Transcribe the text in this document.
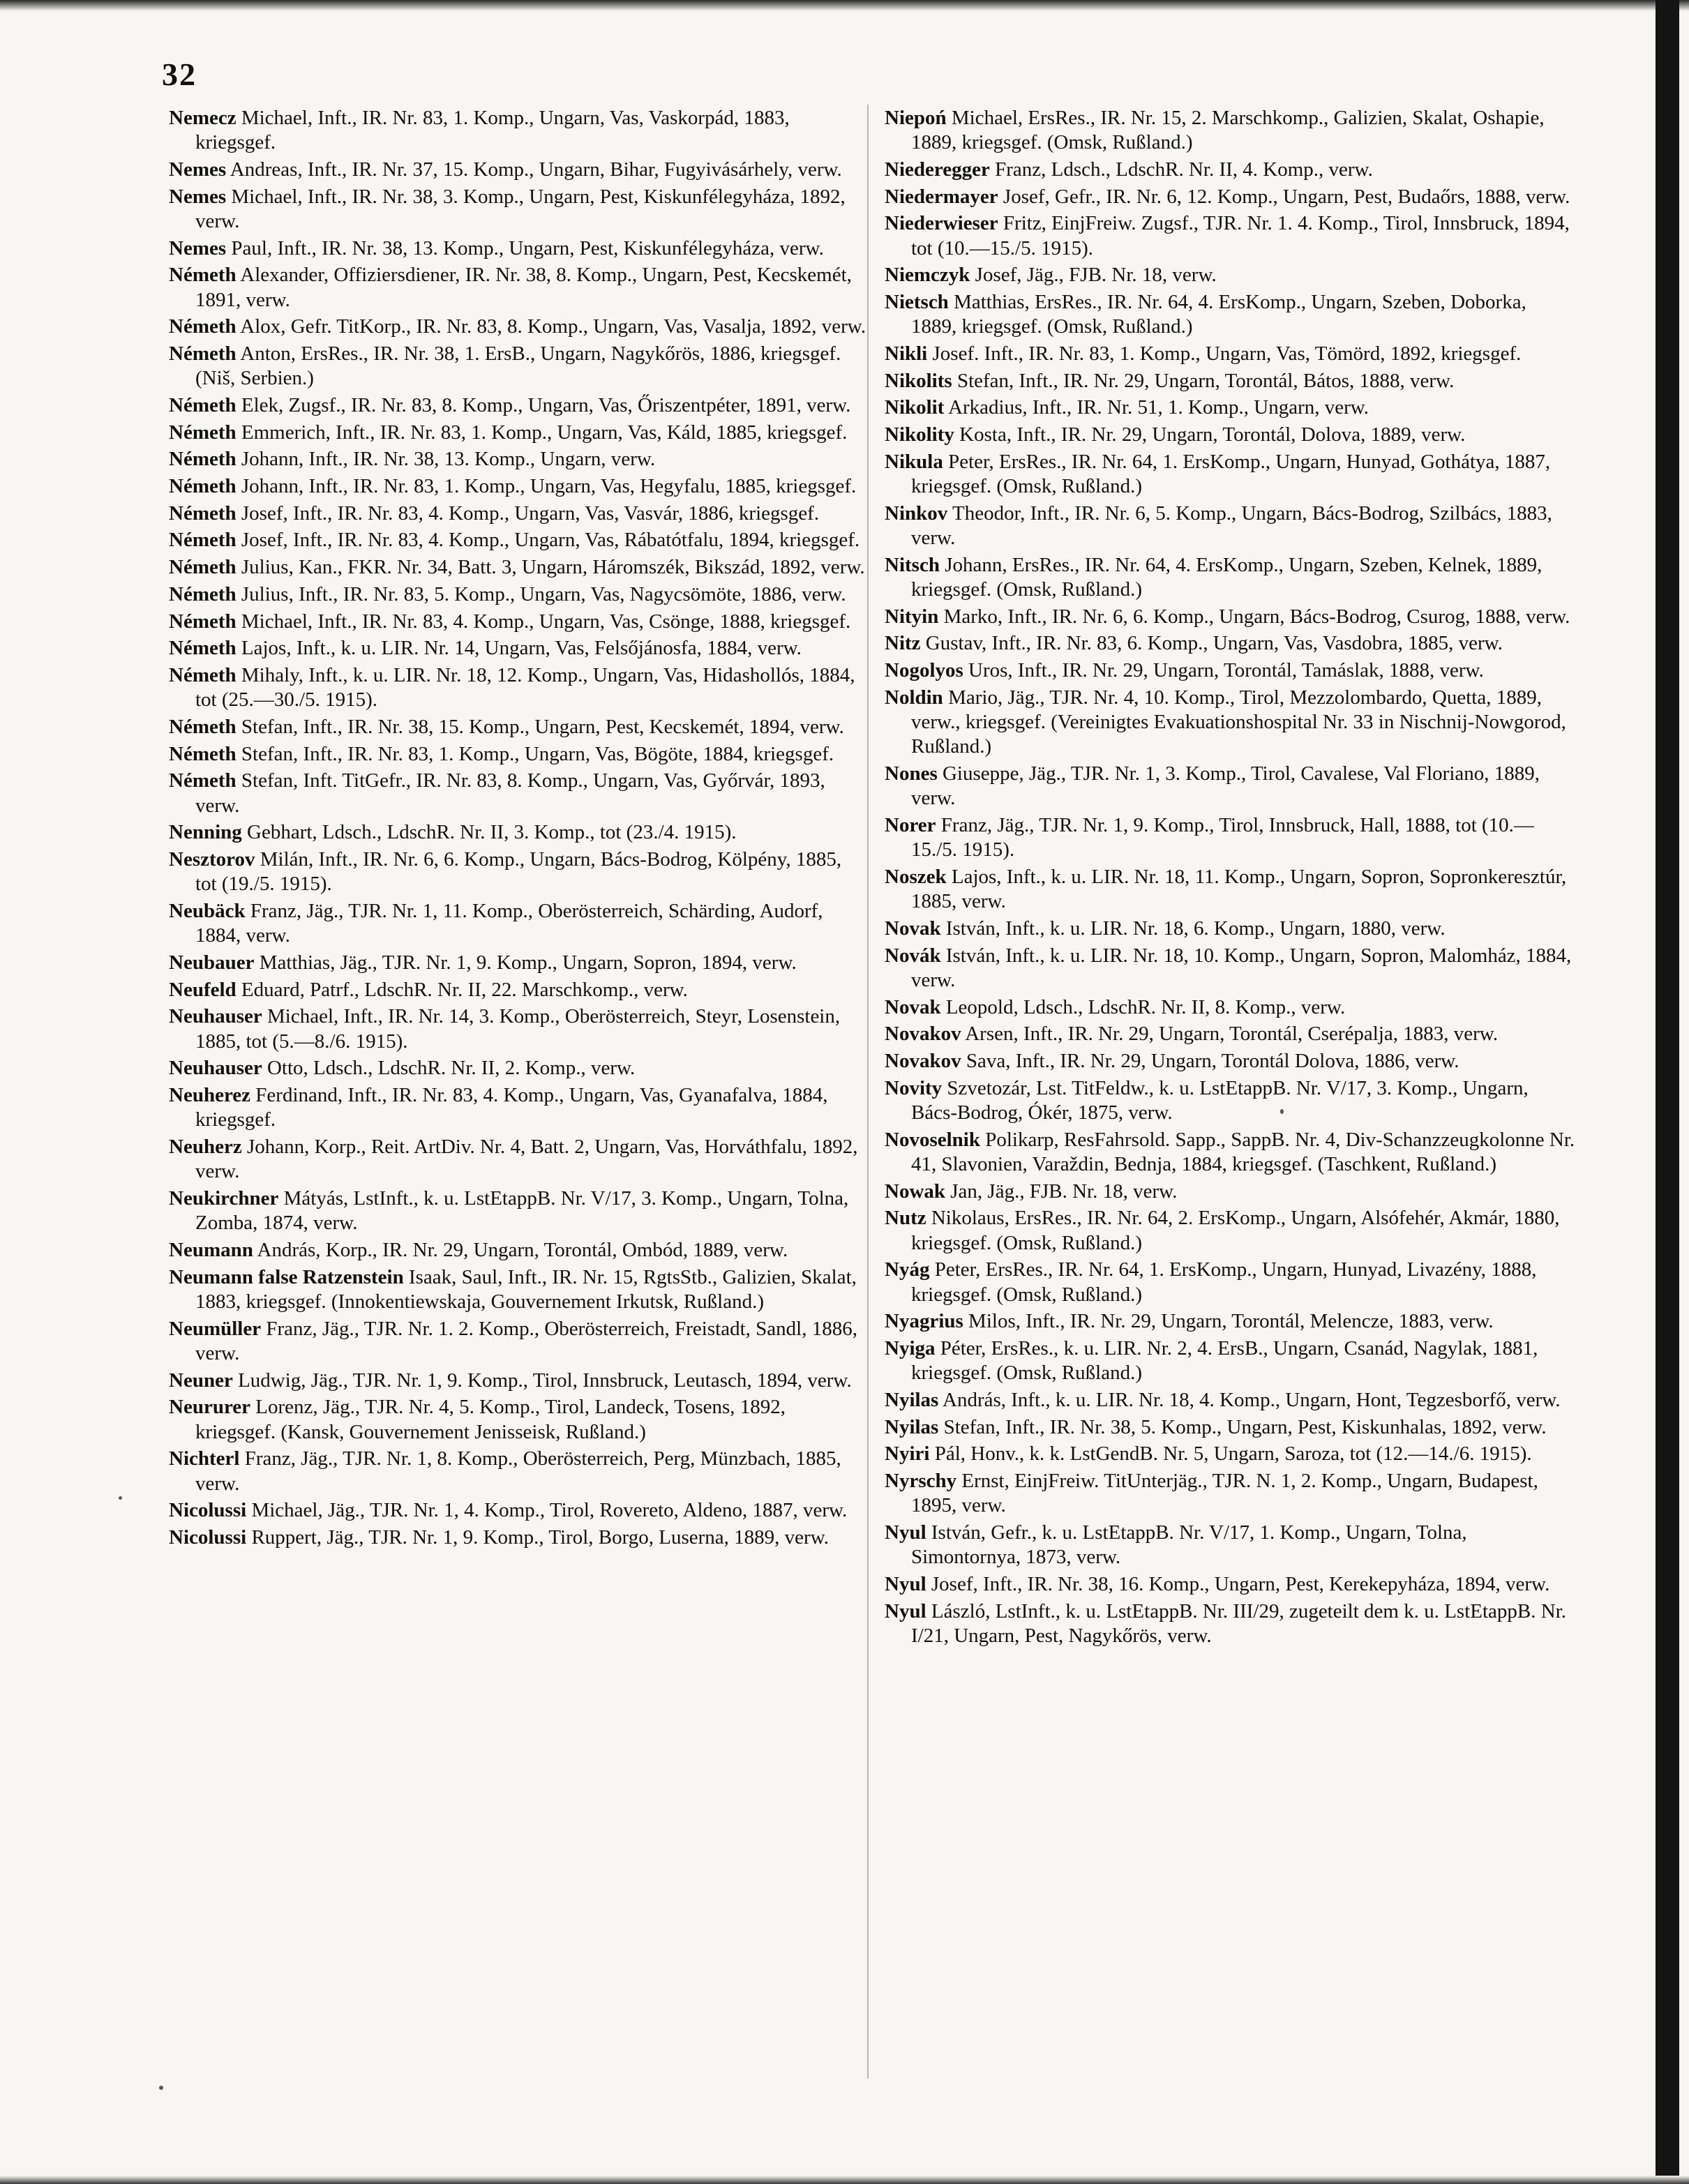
32

Nemecz Michael, Inft., IR. Nr. 83, 1. Komp., Ungarn, Vas, Vaskorpád, 1883, kriegsgef.

Nemes Andreas, Inft., IR. Nr. 37, 15. Komp., Ungarn, Bihar, Fugyivásárhely, verw.

Nemes Michael, Inft., IR. Nr. 38, 3. Komp., Ungarn, Pest, Kiskunfélegyháza, 1892, verw.

Nemes Paul, Inft., IR. Nr. 38, 13. Komp., Ungarn, Pest, Kiskunfélegyháza, verw.

Németh Alexander, Offiziersdiener, IR. Nr. 38, 8. Komp., Ungarn, Pest, Kecskemét, 1891, verw.

Németh Alox, Gefr. TitKorp., IR. Nr. 83, 8. Komp., Ungarn, Vas, Vasalja, 1892, verw.

Németh Anton, ErsRes., IR. Nr. 38, 1. ErsB., Ungarn, Nagykőrös, 1886, kriegsgef. (Niš, Serbien.)

Németh Elek, Zugsf., IR. Nr. 83, 8. Komp., Ungarn, Vas, Őriszentpéter, 1891, verw.

Németh Emmerich, Inft., IR. Nr. 83, 1. Komp., Ungarn, Vas, Káld, 1885, kriegsgef.

Németh Johann, Inft., IR. Nr. 38, 13. Komp., Ungarn, verw.

Németh Johann, Inft., IR. Nr. 83, 1. Komp., Ungarn, Vas, Hegyfalu, 1885, kriegsgef.

Németh Josef, Inft., IR. Nr. 83, 4. Komp., Ungarn, Vas, Vasvár, 1886, kriegsgef.

Németh Josef, Inft., IR. Nr. 83, 4. Komp., Ungarn, Vas, Rábatótfalu, 1894, kriegsgef.

Németh Julius, Kan., FKR. Nr. 34, Batt. 3, Ungarn, Háromszék, Bikszád, 1892, verw.

Németh Julius, Inft., IR. Nr. 83, 5. Komp., Ungarn, Vas, Nagycsömöte, 1886, verw.

Németh Michael, Inft., IR. Nr. 83, 4. Komp., Ungarn, Vas, Csönge, 1888, kriegsgef.

Németh Lajos, Inft., k. u. LIR. Nr. 14, Ungarn, Vas, Felsőjánosfa, 1884, verw.

Németh Mihaly, Inft., k. u. LIR. Nr. 18, 12. Komp., Ungarn, Vas, Hidashollós, 1884, tot (25.—30./5. 1915).

Németh Stefan, Inft., IR. Nr. 38, 15. Komp., Ungarn, Pest, Kecskemét, 1894, verw.

Németh Stefan, Inft., IR. Nr. 83, 1. Komp., Ungarn, Vas, Bögöte, 1884, kriegsgef.

Németh Stefan, Inft. TitGefr., IR. Nr. 83, 8. Komp., Ungarn, Vas, Győrvár, 1893, verw.

Nenning Gebhart, Ldsch., LdschR. Nr. II, 3. Komp., tot (23./4. 1915).

Nesztorov Milán, Inft., IR. Nr. 6, 6. Komp., Ungarn, Bács-Bodrog, Kölpény, 1885, tot (19./5. 1915).

Neubäck Franz, Jäg., TJR. Nr. 1, 11. Komp., Oberösterreich, Schärding, Audorf, 1884, verw.

Neubauer Matthias, Jäg., TJR. Nr. 1, 9. Komp., Ungarn, Sopron, 1894, verw.

Neufeld Eduard, Patrf., LdschR. Nr. II, 22. Marschkomp., verw.

Neuhauser Michael, Inft., IR. Nr. 14, 3. Komp., Oberösterreich, Steyr, Losenstein, 1885, tot (5.—8./6. 1915).

Neuhauser Otto, Ldsch., LdschR. Nr. II, 2. Komp., verw.

Neuherez Ferdinand, Inft., IR. Nr. 83, 4. Komp., Ungarn, Vas, Gyanafalva, 1884, kriegsgef.

Neuherz Johann, Korp., Reit. ArtDiv. Nr. 4, Batt. 2, Ungarn, Vas, Horváthfalu, 1892, verw.

Neukirchner Mátyás, LstInft., k. u. LstEtappB. Nr. V/17, 3. Komp., Ungarn, Tolna, Zomba, 1874, verw.

Neumann András, Korp., IR. Nr. 29, Ungarn, Torontál, Ombód, 1889, verw.

Neumann false Ratzenstein Isaak, Saul, Inft., IR. Nr. 15, RgtsStb., Galizien, Skalat, 1883, kriegsgef. (Innokentiewskaja, Gouvernement Irkutsk, Rußland.)

Neumüller Franz, Jäg., TJR. Nr. 1. 2. Komp., Oberösterreich, Freistadt, Sandl, 1886, verw.

Neuner Ludwig, Jäg., TJR. Nr. 1, 9. Komp., Tirol, Innsbruck, Leutasch, 1894, verw.

Neururer Lorenz, Jäg., TJR. Nr. 4, 5. Komp., Tirol, Landeck, Tosens, 1892, kriegsgef. (Kansk, Gouvernement Jenisseisk, Rußland.)

Nichterl Franz, Jäg., TJR. Nr. 1, 8. Komp., Oberösterreich, Perg, Münzbach, 1885, verw.

Nicolussi Michael, Jäg., TJR. Nr. 1, 4. Komp., Tirol, Rovereto, Aldeno, 1887, verw.

Nicolussi Ruppert, Jäg., TJR. Nr. 1, 9. Komp., Tirol, Borgo, Luserna, 1889, verw.

Niepoń Michael, ErsRes., IR. Nr. 15, 2. Marschkomp., Galizien, Skalat, Oshapie, 1889, kriegsgef. (Omsk, Rußland.)

Niederegger Franz, Ldsch., LdschR. Nr. II, 4. Komp., verw.

Niedermayer Josef, Gefr., IR. Nr. 6, 12. Komp., Ungarn, Pest, Budaőrs, 1888, verw.

Niederwieser Fritz, EinjFreiw. Zugsf., TJR. Nr. 1. 4. Komp., Tirol, Innsbruck, 1894, tot (10.—15./5. 1915).

Niemczyk Josef, Jäg., FJB. Nr. 18, verw.

Nietsch Matthias, ErsRes., IR. Nr. 64, 4. ErsKomp., Ungarn, Szeben, Doborka, 1889, kriegsgef. (Omsk, Rußland.)

Nikli Josef. Inft., IR. Nr. 83, 1. Komp., Ungarn, Vas, Tömörd, 1892, kriegsgef.

Nikolits Stefan, Inft., IR. Nr. 29, Ungarn, Torontál, Bátos, 1888, verw.

Nikolit Arkadius, Inft., IR. Nr. 51, 1. Komp., Ungarn, verw.

Nikolity Kosta, Inft., IR. Nr. 29, Ungarn, Torontál, Dolova, 1889, verw.

Nikula Peter, ErsRes., IR. Nr. 64, 1. ErsKomp., Ungarn, Hunyad, Gothátya, 1887, kriegsgef. (Omsk, Rußland.)

Ninkov Theodor, Inft., IR. Nr. 6, 5. Komp., Ungarn, Bács-Bodrog, Szilbács, 1883, verw.

Nitsch Johann, ErsRes., IR. Nr. 64, 4. ErsKomp., Ungarn, Szeben, Kelnek, 1889, kriegsgef. (Omsk, Rußland.)

Nityin Marko, Inft., IR. Nr. 6, 6. Komp., Ungarn, Bács-Bodrog, Csurog, 1888, verw.

Nitz Gustav, Inft., IR. Nr. 83, 6. Komp., Ungarn, Vas, Vasdobra, 1885, verw.

Nogolyos Uros, Inft., IR. Nr. 29, Ungarn, Torontál, Tamáslak, 1888, verw.

Noldin Mario, Jäg., TJR. Nr. 4, 10. Komp., Tirol, Mezzolombardo, Quetta, 1889, verw., kriegsgef. (Vereinigtes Evakuationshospital Nr. 33 in Nischnij-Nowgorod, Rußland.)

Nones Giuseppe, Jäg., TJR. Nr. 1, 3. Komp., Tirol, Cavalese, Val Floriano, 1889, verw.

Norer Franz, Jäg., TJR. Nr. 1, 9. Komp., Tirol, Innsbruck, Hall, 1888, tot (10.—15./5. 1915).

Noszek Lajos, Inft., k. u. LIR. Nr. 18, 11. Komp., Ungarn, Sopron, Sopronkeresztúr, 1885, verw.

Novak István, Inft., k. u. LIR. Nr. 18, 6. Komp., Ungarn, 1880, verw.

Novák István, Inft., k. u. LIR. Nr. 18, 10. Komp., Ungarn, Sopron, Malomház, 1884, verw.

Novak Leopold, Ldsch., LdschR. Nr. II, 8. Komp., verw.

Novakov Arsen, Inft., IR. Nr. 29, Ungarn, Torontál, Cserépalja, 1883, verw.

Novakov Sava, Inft., IR. Nr. 29, Ungarn, Torontál Dolova, 1886, verw.

Novity Szvetozár, Lst. TitFeldw., k. u. LstEtappB. Nr. V/17, 3. Komp., Ungarn, Bács-Bodrog, Ókér, 1875, verw.

Novoselnik Polikarp, ResFahrsold. Sapp., SappB. Nr. 4, Div-Schanzzeugkolonne Nr. 41, Slavonien, Varaždin, Bednja, 1884, kriegsgef. (Taschkent, Rußland.)

Nowak Jan, Jäg., FJB. Nr. 18, verw.

Nutz Nikolaus, ErsRes., IR. Nr. 64, 2. ErsKomp., Ungarn, Alsófehér, Akmár, 1880, kriegsgef. (Omsk, Rußland.)

Nyág Peter, ErsRes., IR. Nr. 64, 1. ErsKomp., Ungarn, Hunyad, Livazény, 1888, kriegsgef. (Omsk, Rußland.)

Nyagrius Milos, Inft., IR. Nr. 29, Ungarn, Torontál, Melencze, 1883, verw.

Nyiga Péter, ErsRes., k. u. LIR. Nr. 2, 4. ErsB., Ungarn, Csanád, Nagylak, 1881, kriegsgef. (Omsk, Rußland.)

Nyilas András, Inft., k. u. LIR. Nr. 18, 4. Komp., Ungarn, Hont, Tegzesborfő, verw.

Nyilas Stefan, Inft., IR. Nr. 38, 5. Komp., Ungarn, Pest, Kiskunhalas, 1892, verw.

Nyiri Pál, Honv., k. k. LstGendB. Nr. 5, Ungarn, Saroza, tot (12.—14./6. 1915).

Nyrschy Ernst, EinjFreiw. TitUnterjäg., TJR. N. 1, 2. Komp., Ungarn, Budapest, 1895, verw.

Nyul István, Gefr., k. u. LstEtappB. Nr. V/17, 1. Komp., Ungarn, Tolna, Simontornya, 1873, verw.

Nyul Josef, Inft., IR. Nr. 38, 16. Komp., Ungarn, Pest, Kerekepyháza, 1894, verw.

Nyul László, LstInft., k. u. LstEtappB. Nr. III/29, zugeteilt dem k. u. LstEtappB. Nr. I/21, Ungarn, Pest, Nagykőrös, verw.
